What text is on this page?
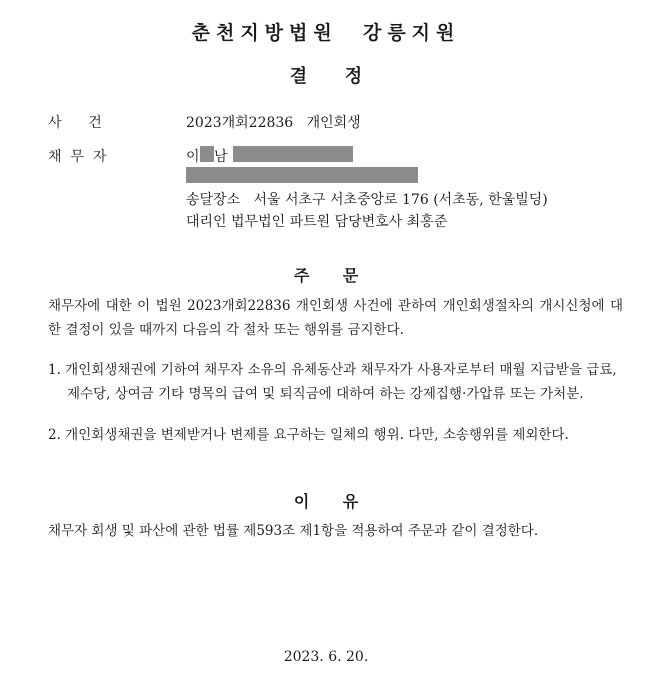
춘천지방법원  강릉지원
결      정
사      건	2023개회22836   개인회생
채  무  자	이 남
송달장소   서울 서초구 서초중앙로 176 (서초동, 한울빌딩)
대리인 법무법인 파트원 담당변호사 최홍준
주      문
채무자에 대한 이 법원 2023개회22836 개인회생 사건에 관하여 개인회생절차의 개시신청에 대한 결정이 있을 때까지 다음의 각 절차 또는 행위를 금지한다.
1. 개인회생채권에 기하여 채무자 소유의 유체동산과 채무자가 사용자로부터 매월 지급받을 급료, 제수당, 상여금 기타 명목의 급여 및 퇴직금에 대하여 하는 강제집행·가압류 또는 가처분.
2. 개인회생채권을 변제받거나 변제를 요구하는 일체의 행위. 다만, 소송행위를 제외한다.
이      유
채무자 회생 및 파산에 관한 법률 제593조 제1항을 적용하여 주문과 같이 결정한다.
2023. 6. 20.
